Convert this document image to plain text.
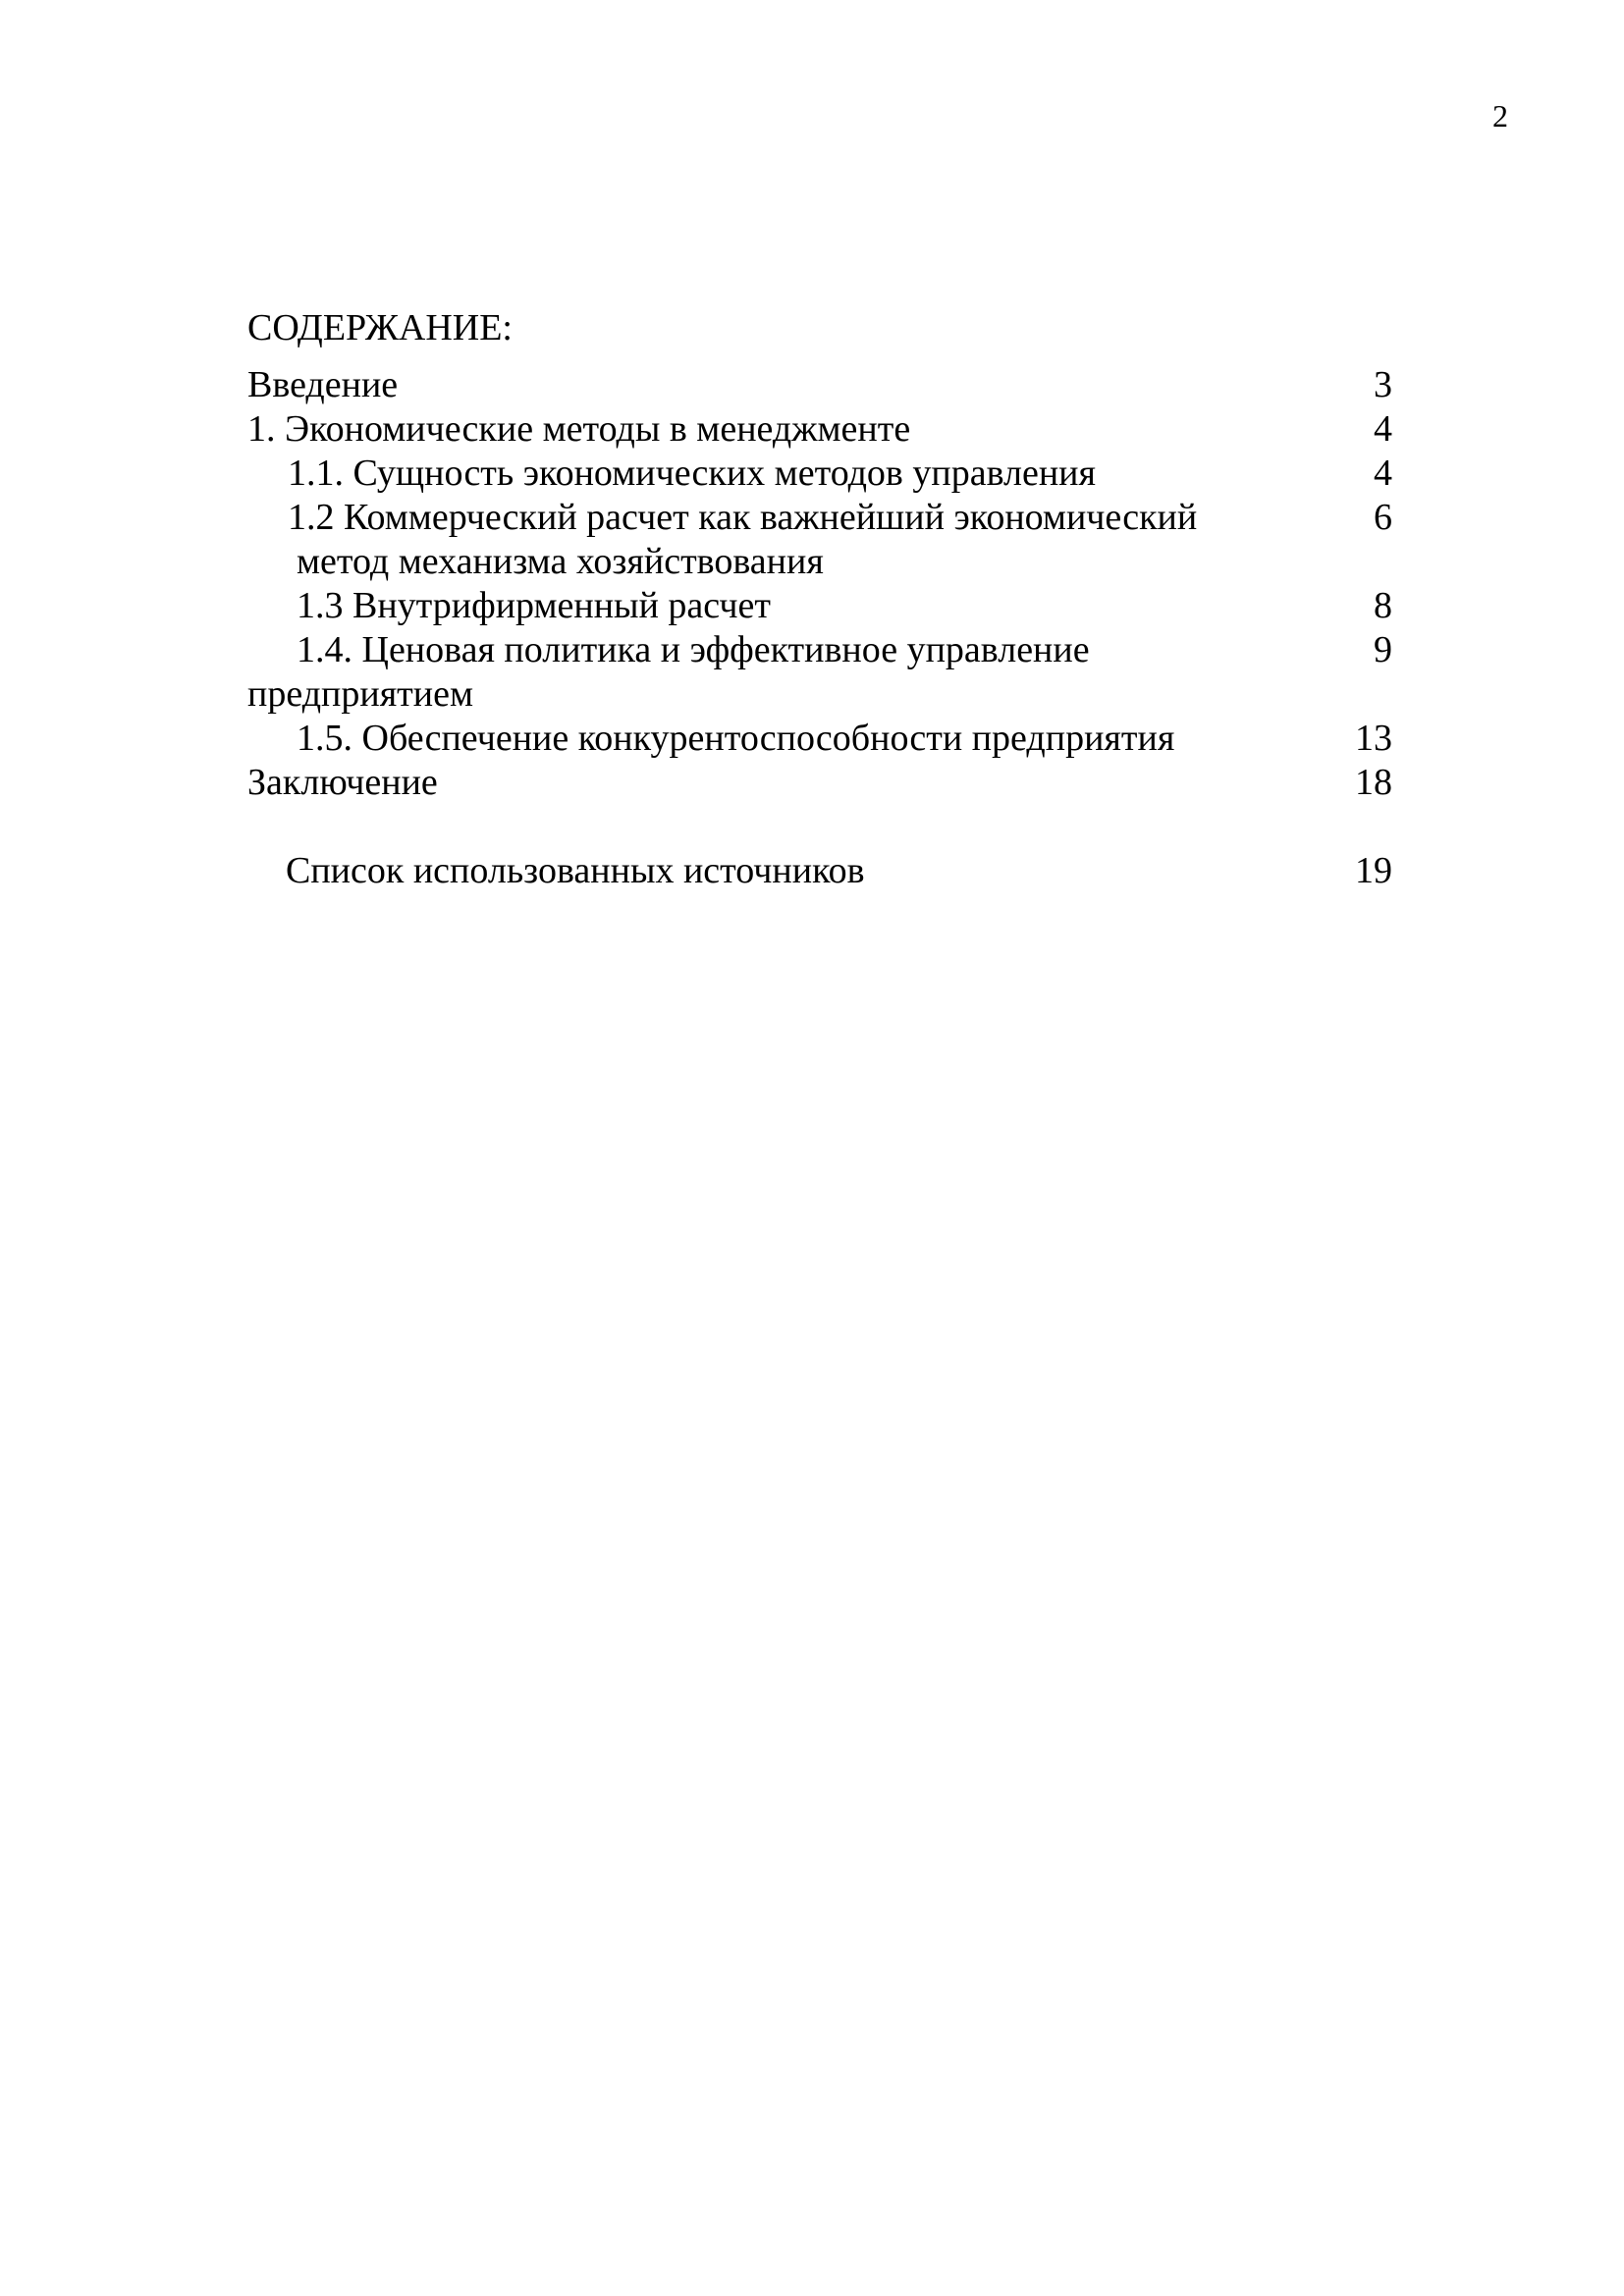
2
СОДЕРЖАНИЕ:
Введение	3
1. Экономические методы в менеджменте	4
1.1. Сущность экономических методов управления	4
1.2 Коммерческий расчет как важнейший экономический	6
метод механизма хозяйствования
1.3 Внутрифирменный расчет	8
1.4. Ценовая политика и эффективное управление	9
предприятием
1.5. Обеспечение конкурентоспособности предприятия	13
Заключение	18
Список использованных источников	19
